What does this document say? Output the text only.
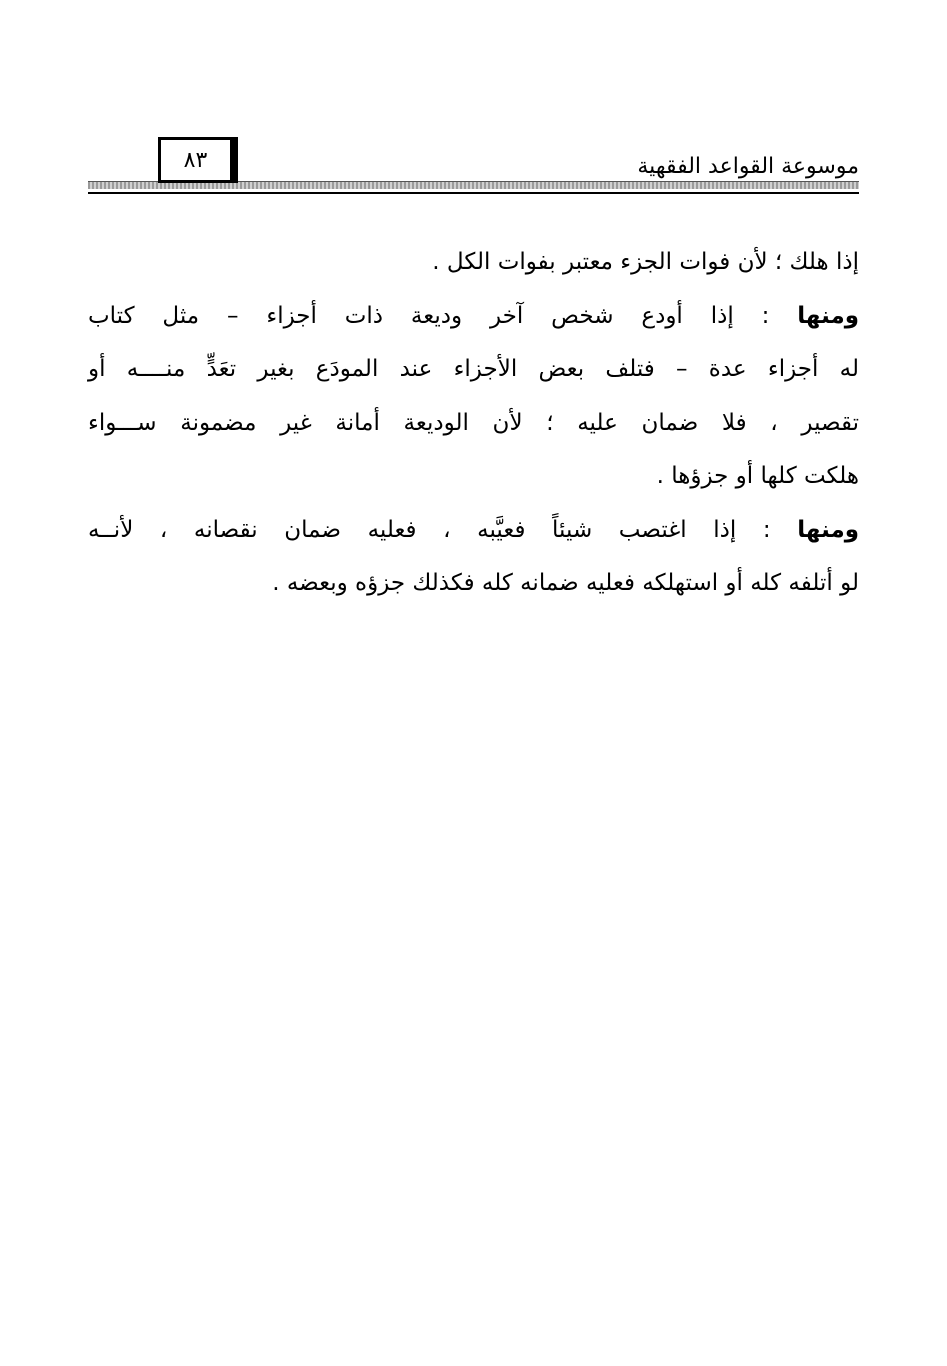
موسوعة القواعد الفقهية
٨٣
إذا هلك ؛ لأن فوات الجزء معتبر بفوات الكل .
ومنها : إذا أودع شخص آخر وديعة ذات أجزاء – مثل كتاب
له أجزاء عدة – فتلف بعض الأجزاء عند المودَع بغير تعَدٍّ منــــه أو
تقصير ، فلا ضمان عليه ؛ لأن الوديعة أمانة غير مضمونة ســـواء
هلكت كلها أو جزؤها .
ومنها : إذا اغتصب شيئاً فعيَّبه ، فعليه ضمان نقصانه ، لأنــه
لو أتلفه كله أو استهلكه فعليه ضمانه كله فكذلك جزؤه وبعضه .
